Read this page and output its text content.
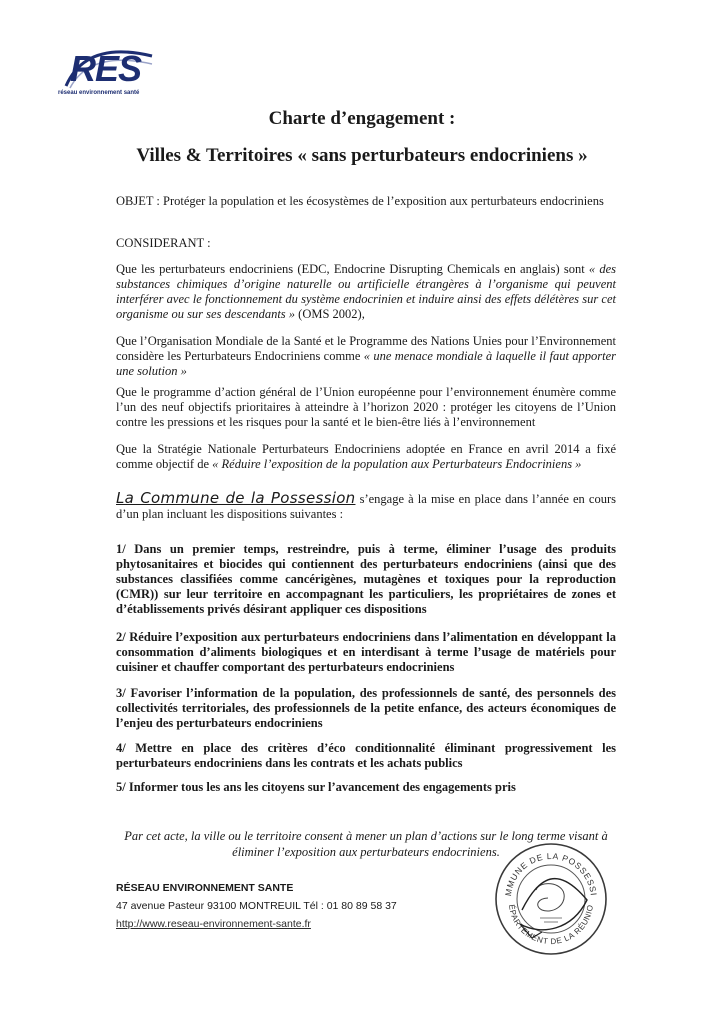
RES
réseau environnement santé
Charte d’engagement :
Villes & Territoires « sans perturbateurs endocriniens »

OBJET : Protéger la population et les écosystèmes de l’exposition aux perturbateurs endocriniens

CONSIDERANT :

Que les perturbateurs endocriniens (EDC, Endocrine Disrupting Chemicals en anglais) sont « des substances chimiques d’origine naturelle ou artificielle étrangères à l’organisme qui peuvent interférer avec le fonctionnement du système endocrinien et induire ainsi des effets délétères sur cet organisme ou sur ses descendants » (OMS 2002),

Que l’Organisation Mondiale de la Santé et le Programme des Nations Unies pour l’Environnement considère les Perturbateurs Endocriniens comme « une menace mondiale à laquelle il faut apporter une solution »

Que le programme d’action général de l’Union européenne pour l’environnement énumère comme l’un des neuf objectifs prioritaires à atteindre à l’horizon 2020 : protéger les citoyens de l’Union contre les pressions et les risques pour la santé et le bien-être liés à l’environnement

Que la Stratégie Nationale Perturbateurs Endocriniens adoptée en France en avril 2014 a fixé comme objectif de « Réduire l’exposition de la population aux Perturbateurs Endocriniens »

La Commune de la Possession s’engage à la mise en place dans l’année en cours d’un plan incluant les dispositions suivantes :

1/ Dans un premier temps, restreindre, puis à terme, éliminer l’usage des produits phytosanitaires et biocides qui contiennent des perturbateurs endocriniens (ainsi que des substances classifiées comme cancérigènes, mutagènes et toxiques pour la reproduction (CMR)) sur leur territoire en accompagnant les particuliers, les propriétaires de zones et d’établissements privés désirant appliquer ces dispositions

2/ Réduire l’exposition aux perturbateurs endocriniens dans l’alimentation en développant la consommation d’aliments biologiques et en interdisant à terme l’usage de matériels pour cuisiner et chauffer comportant des perturbateurs endocriniens

3/ Favoriser l’information de la population, des professionnels de santé, des personnels des collectivités territoriales, des professionnels de la petite enfance, des acteurs économiques de l’enjeu des perturbateurs endocriniens

4/ Mettre en place des critères d’éco conditionnalité éliminant progressivement les perturbateurs endocriniens dans les contrats et les achats publics

5/ Informer tous les ans les citoyens sur l’avancement des engagements pris

Par cet acte, la ville ou le territoire consent à mener un plan d’actions sur le long terme visant à éliminer l’exposition aux perturbateurs endocriniens.
RÉSEAU ENVIRONNEMENT SANTE
47 avenue Pasteur 93100 MONTREUIL Tél : 01 80 89 58 37
http://www.reseau-environnement-sante.fr
MMUNE DE LA POSSESSI
ÉPARTEMENT DE LA RÉUNIO
